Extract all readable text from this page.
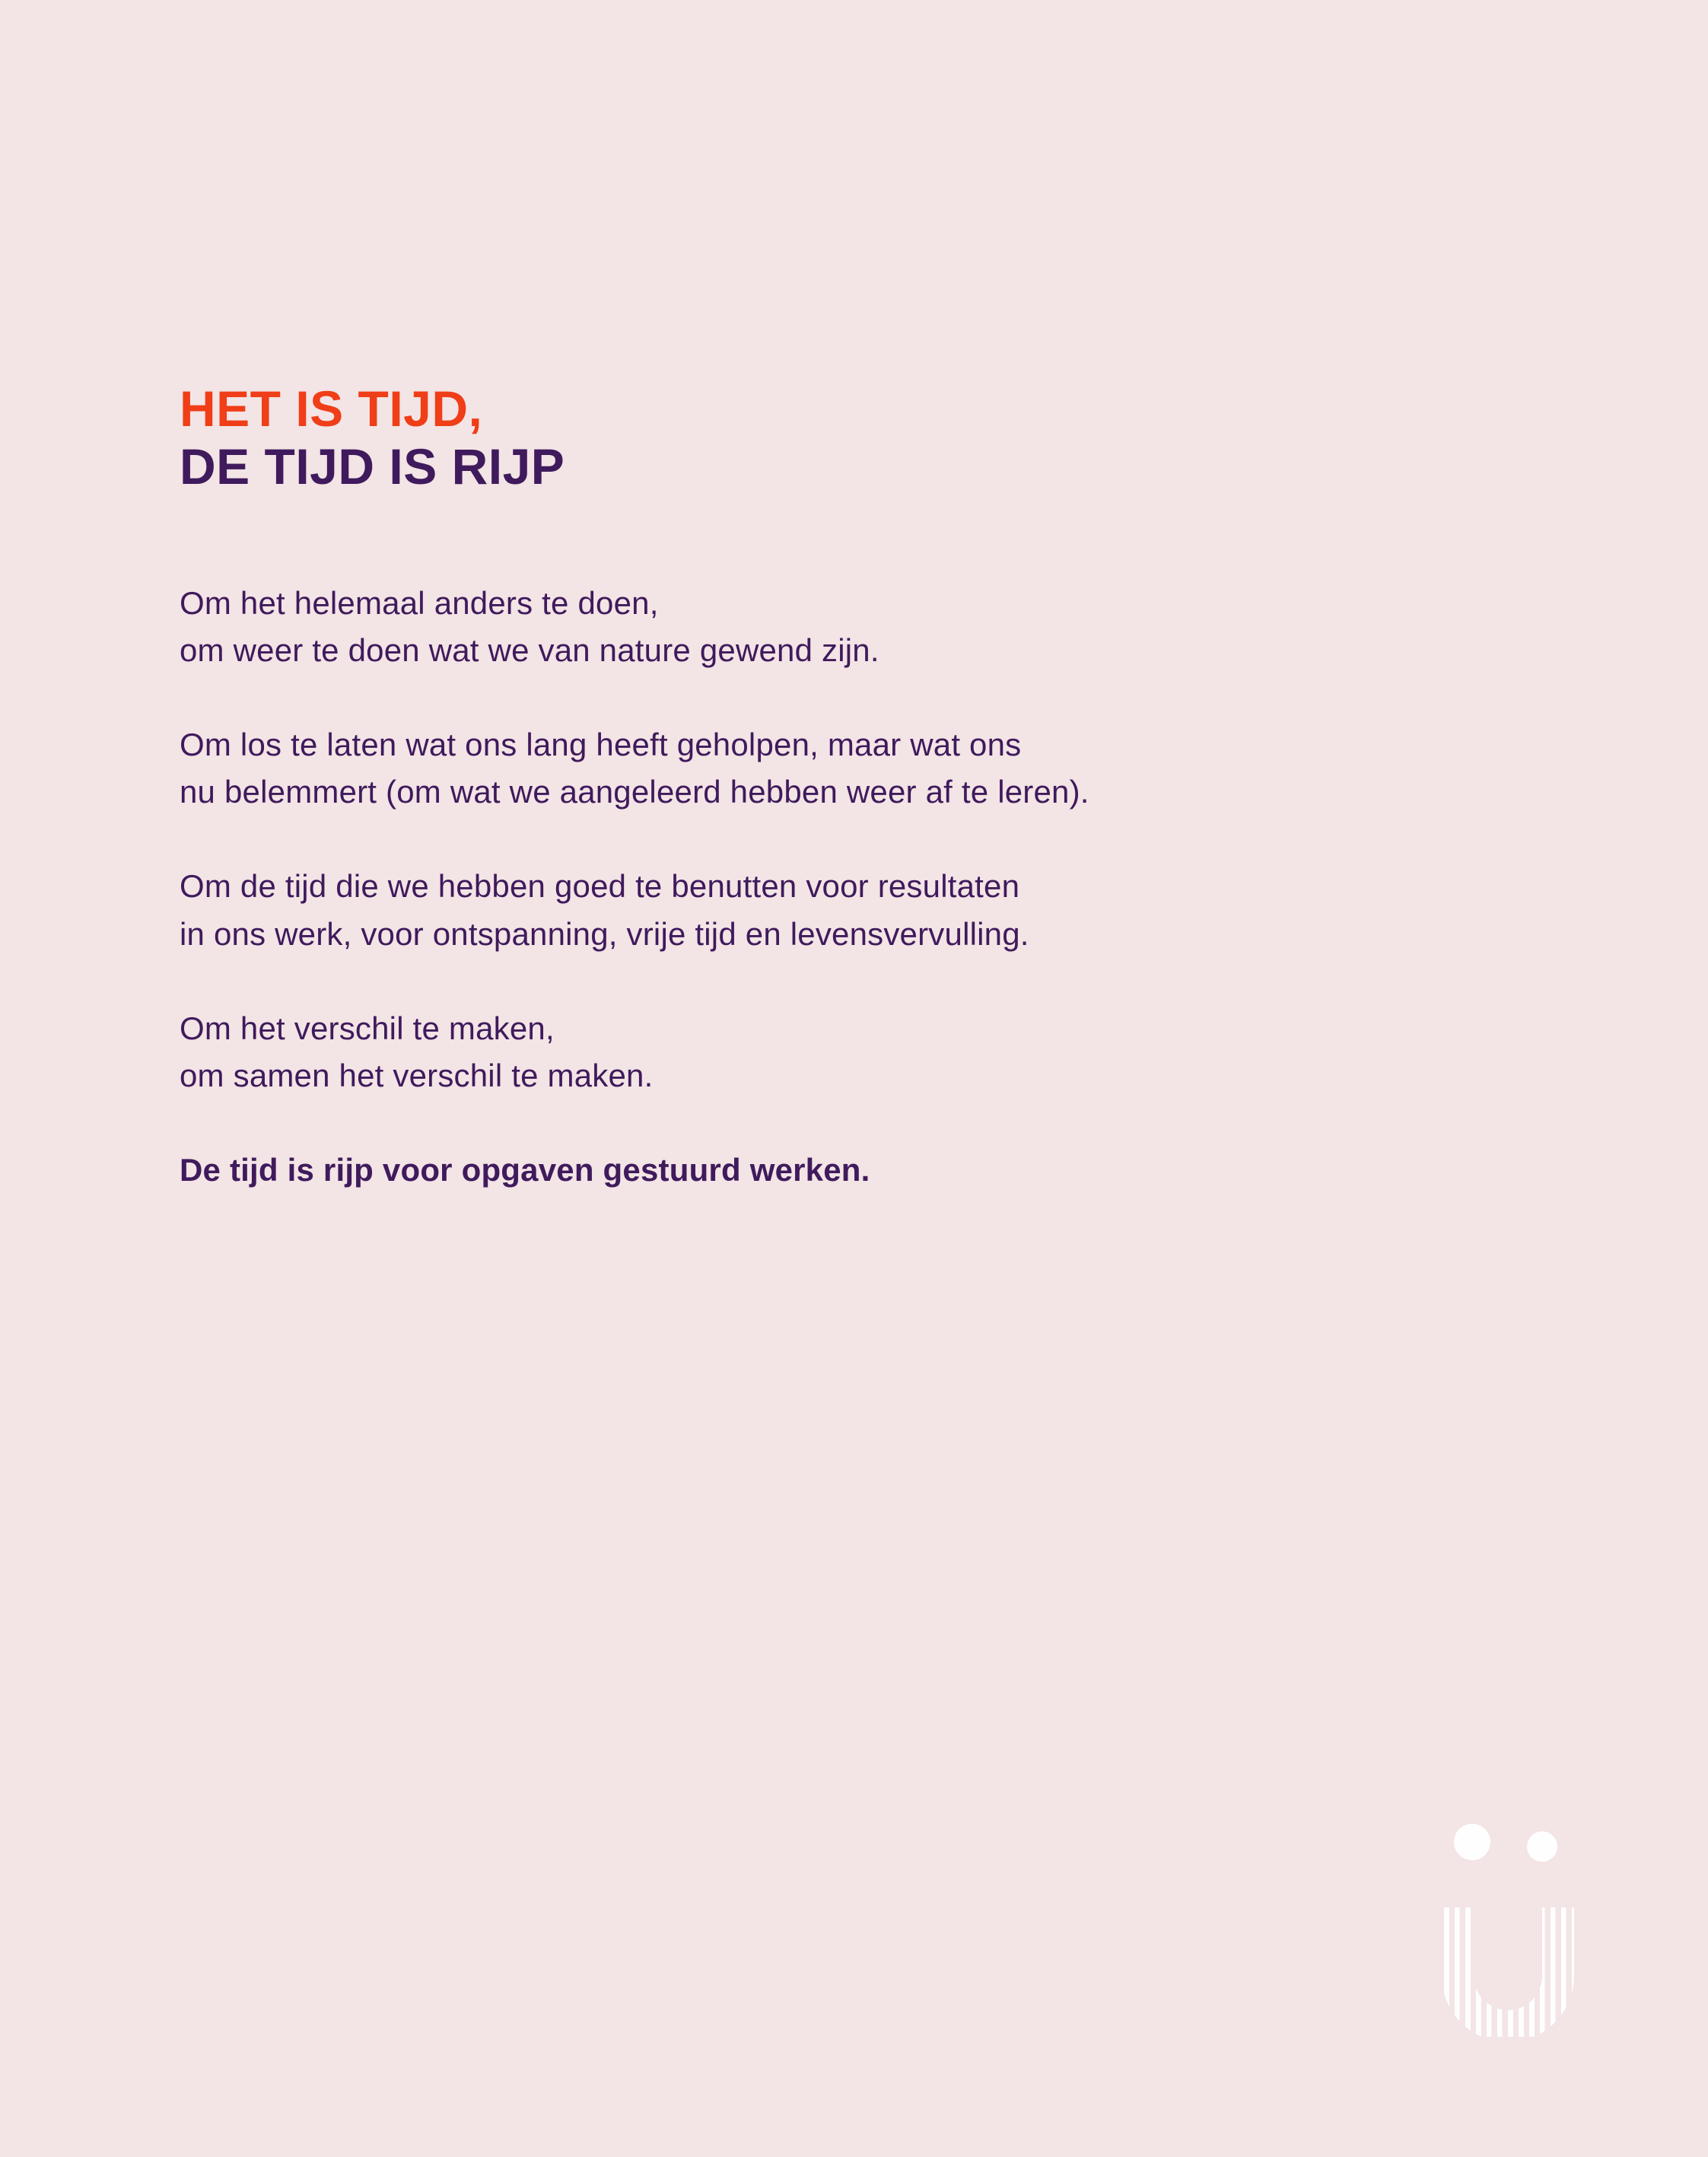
HET IS TIJD,
DE TIJD IS RIJP

Om het helemaal anders te doen,
om weer te doen wat we van nature gewend zijn.

Om los te laten wat ons lang heeft geholpen, maar wat ons
nu belemmert (om wat we aangeleerd hebben weer af te leren).

Om de tijd die we hebben goed te benutten voor resultaten
in ons werk, voor ontspanning, vrije tijd en levensvervulling.

Om het verschil te maken,
om samen het verschil te maken.

De tijd is rijp voor opgaven gestuurd werken.
